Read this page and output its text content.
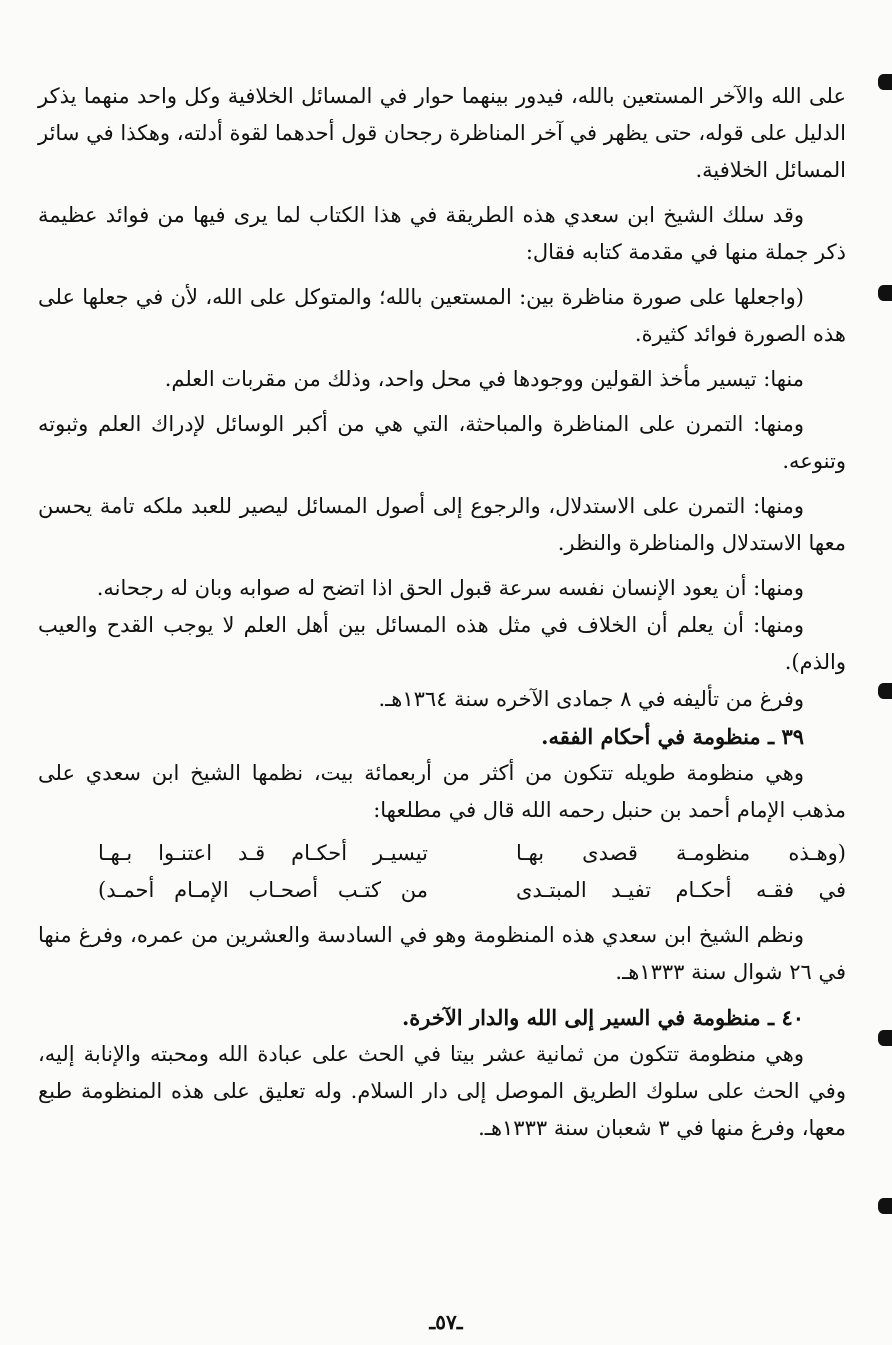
على الله والآخر المستعين بالله، فيدور بينهما حوار في المسائل الخلافية وكل واحد منهما يذكر الدليل على قوله، حتى يظهر في آخر المناظرة رجحان قول أحدهما لقوة أدلته، وهكذا في سائر المسائل الخلافية.

وقد سلك الشيخ ابن سعدي هذه الطريقة في هذا الكتاب لما يرى فيها من فوائد عظيمة ذكر جملة منها في مقدمة كتابه فقال:

(واجعلها على صورة مناظرة بين: المستعين بالله؛ والمتوكل على الله، لأن في جعلها على هذه الصورة فوائد كثيرة.

منها: تيسير مأخذ القولين ووجودها في محل واحد، وذلك من مقربات العلم.

ومنها: التمرن على المناظرة والمباحثة، التي هي من أكبر الوسائل لإدراك العلم وثبوته وتنوعه.

ومنها: التمرن على الاستدلال، والرجوع إلى أصول المسائل ليصير للعبد ملكه تامة يحسن معها الاستدلال والمناظرة والنظر.

ومنها: أن يعود الإنسان نفسه سرعة قبول الحق اذا اتضح له صوابه وبان له رجحانه.

ومنها: أن يعلم أن الخلاف في مثل هذه المسائل بين أهل العلم لا يوجب القدح والعيب والذم).

وفرغ من تأليفه في ٨ جمادى الآخره سنة ١٣٦٤هـ.

٣٩ ـ منظومة في أحكام الفقه.

وهي منظومة طويله تتكون من أكثر من أربعمائة بيت، نظمها الشيخ ابن سعدي على مذهب الإمام أحمد بن حنبل رحمه الله قال في مطلعها:

(وهـذه منظومـة قصدى بهـا
تيسيـر أحكـام قـد اعتنـوا بـهـا
في فقـه أحكـام تفيـد المبتـدى
من كتـب أصحـاب الإمـام أحمـد)

ونظم الشيخ ابن سعدي هذه المنظومة وهو في السادسة والعشرين من عمره، وفرغ منها في ٢٦ شوال سنة ١٣٣٣هـ.

٤٠ ـ منظومة في السير إلى الله والدار الآخرة.

وهي منظومة تتكون من ثمانية عشر بيتا في الحث على عبادة الله ومحبته والإنابة إليه، وفي الحث على سلوك الطريق الموصل إلى دار السلام. وله تعليق على هذه المنظومة طبع معها، وفرغ منها في ٣ شعبان سنة ١٣٣٣هـ.

ـ٥٧ـ
